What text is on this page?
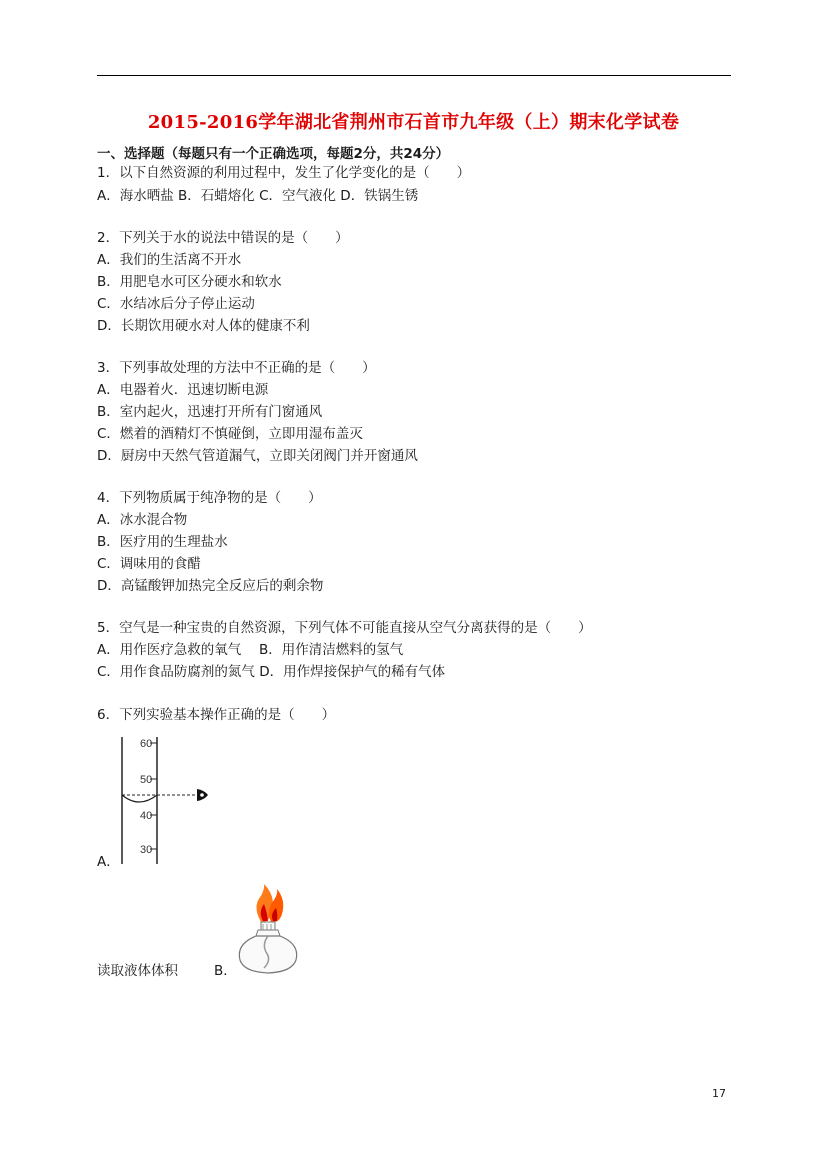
2015-2016学年湖北省荆州市石首市九年级（上）期末化学试卷
一、选择题（每题只有一个正确选项，每题2分，共24分）
1．以下自然资源的利用过程中，发生了化学变化的是（　　）
A．海水晒盐 B．石蜡熔化 C．空气液化 D．铁锅生锈
2．下列关于水的说法中错误的是（　　）
A．我们的生活离不开水
B．用肥皂水可区分硬水和软水
C．水结冰后分子停止运动
D．长期饮用硬水对人体的健康不利
3．下列事故处理的方法中不正确的是（　　）
A．电器着火．迅速切断电源
B．室内起火，迅速打开所有门窗通风
C．燃着的酒精灯不慎碰倒，立即用湿布盖灭
D．厨房中天然气管道漏气，立即关闭阀门并开窗通风
4．下列物质属于纯净物的是（　　）
A．冰水混合物
B．医疗用的生理盐水
C．调味用的食醋
D．高锰酸钾加热完全反应后的剩余物
5．空气是一种宝贵的自然资源，下列气体不可能直接从空气分离获得的是（　　）
A．用作医疗急救的氧气　 B．用作清洁燃料的氢气
C．用作食品防腐剂的氮气 D．用作焊接保护气的稀有气体
6．下列实验基本操作正确的是（　　）
60
50
40
30
A．
读取液体体积	B．
17
